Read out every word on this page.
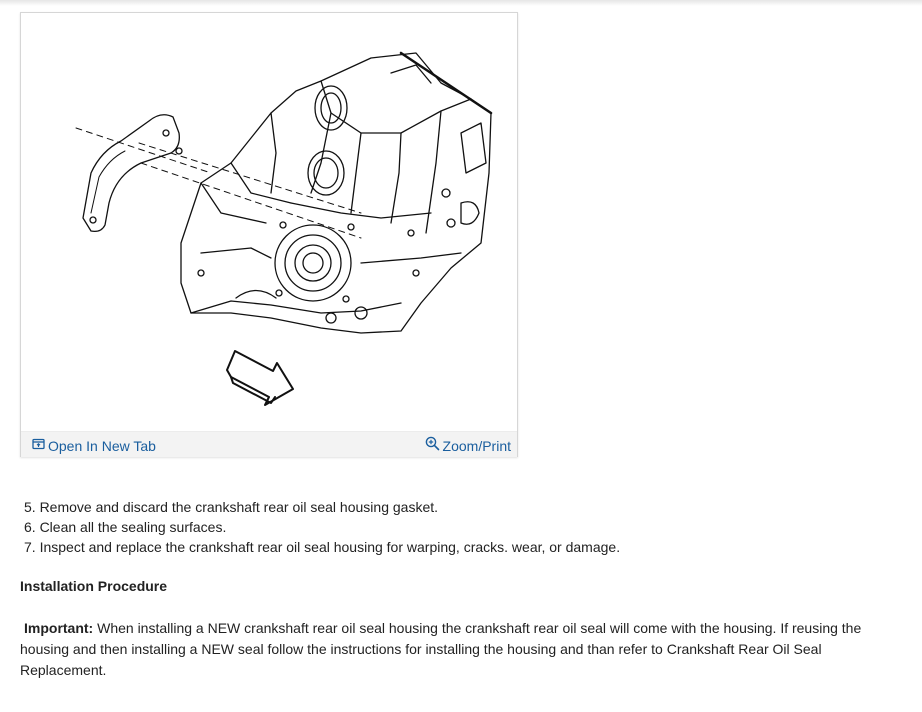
Open In New Tab	Zoom/Print
5. Remove and discard the crankshaft rear oil seal housing gasket.
6. Clean all the sealing surfaces.
7. Inspect and replace the crankshaft rear oil seal housing for warping, cracks. wear, or damage.
Installation Procedure
Important: When installing a NEW crankshaft rear oil seal housing the crankshaft rear oil seal will come with the housing. If reusing the housing and then installing a NEW seal follow the instructions for installing the housing and than refer to Crankshaft Rear Oil Seal Replacement.
